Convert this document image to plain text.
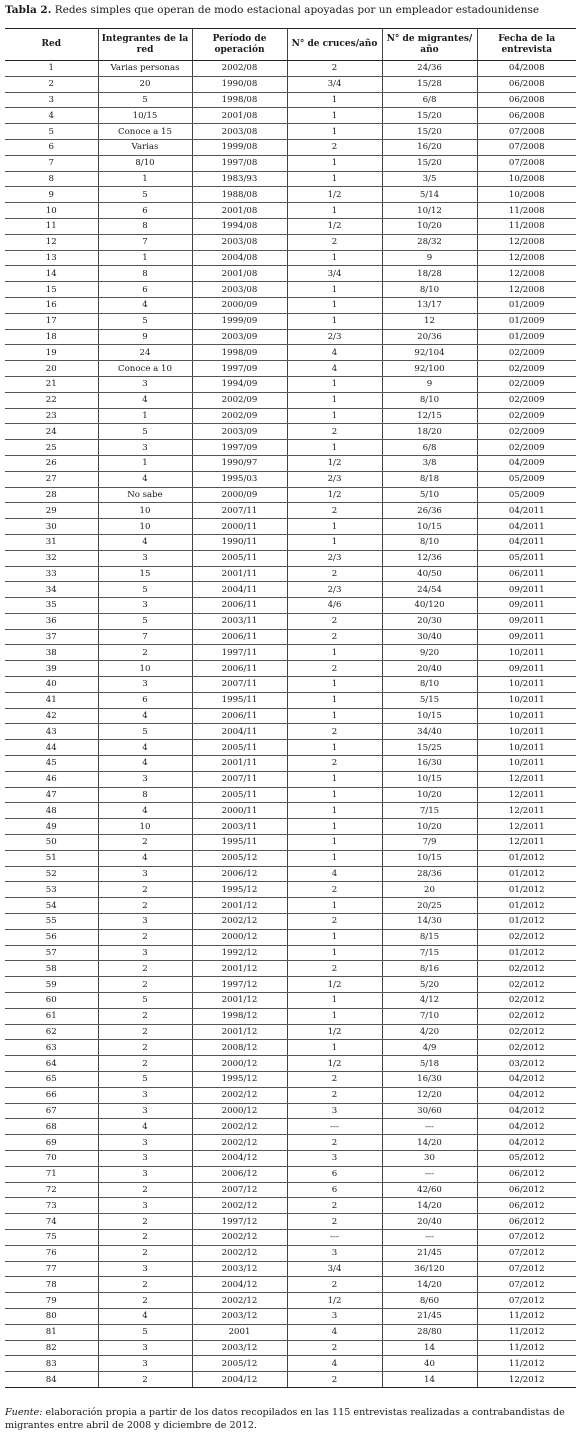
Tabla 2. Redes simples que operan de modo estacional apoyadas por un empleador estadounidense
Red	Integrantes de la red	Período de operación	N° de cruces/año	N° de migrantes/ año	Fecha de la entrevista
1	Varias personas	2002/08	2	24/36	04/2008
2	20	1990/08	3/4	15/28	06/2008
3	5	1998/08	1	6/8	06/2008
4	10/15	2001/08	1	15/20	06/2008
5	Conoce a 15	2003/08	1	15/20	07/2008
6	Varias	1999/08	2	16/20	07/2008
7	8/10	1997/08	1	15/20	07/2008
8	1	1983/93	1	3/5	10/2008
9	5	1988/08	1/2	5/14	10/2008
10	6	2001/08	1	10/12	11/2008
11	8	1994/08	1/2	10/20	11/2008
12	7	2003/08	2	28/32	12/2008
13	1	2004/08	1	9	12/2008
14	8	2001/08	3/4	18/28	12/2008
15	6	2003/08	1	8/10	12/2008
16	4	2000/09	1	13/17	01/2009
17	5	1999/09	1	12	01/2009
18	9	2003/09	2/3	20/36	01/2009
19	24	1998/09	4	92/104	02/2009
20	Conoce a 10	1997/09	4	92/100	02/2009
21	3	1994/09	1	9	02/2009
22	4	2002/09	1	8/10	02/2009
23	1	2002/09	1	12/15	02/2009
24	5	2003/09	2	18/20	02/2009
25	3	1997/09	1	6/8	02/2009
26	1	1990/97	1/2	3/8	04/2009
27	4	1995/03	2/3	8/18	05/2009
28	No sabe	2000/09	1/2	5/10	05/2009
29	10	2007/11	2	26/36	04/2011
30	10	2000/11	1	10/15	04/2011
31	4	1990/11	1	8/10	04/2011
32	3	2005/11	2/3	12/36	05/2011
33	15	2001/11	2	40/50	06/2011
34	5	2004/11	2/3	24/54	09/2011
35	3	2006/11	4/6	40/120	09/2011
36	5	2003/11	2	20/30	09/2011
37	7	2006/11	2	30/40	09/2011
38	2	1997/11	1	9/20	10/2011
39	10	2006/11	2	20/40	09/2011
40	3	2007/11	1	8/10	10/2011
41	6	1995/11	1	5/15	10/2011
42	4	2006/11	1	10/15	10/2011
43	5	2004/11	2	34/40	10/2011
44	4	2005/11	1	15/25	10/2011
45	4	2001/11	2	16/30	10/2011
46	3	2007/11	1	10/15	12/2011
47	8	2005/11	1	10/20	12/2011
48	4	2000/11	1	7/15	12/2011
49	10	2003/11	1	10/20	12/2011
50	2	1995/11	1	7/9	12/2011
51	4	2005/12	1	10/15	01/2012
52	3	2006/12	4	28/36	01/2012
53	2	1995/12	2	20	01/2012
54	2	2001/12	1	20/25	01/2012
55	3	2002/12	2	14/30	01/2012
56	2	2000/12	1	8/15	02/2012
57	3	1992/12	1	7/15	01/2012
58	2	2001/12	2	8/16	02/2012
59	2	1997/12	1/2	5/20	02/2012
60	5	2001/12	1	4/12	02/2012
61	2	1998/12	1	7/10	02/2012
62	2	2001/12	1/2	4/20	02/2012
63	2	2008/12	1	4/9	02/2012
64	2	2000/12	1/2	5/18	03/2012
65	5	1995/12	2	16/30	04/2012
66	3	2002/12	2	12/20	04/2012
67	3	2000/12	3	30/60	04/2012
68	4	2002/12	---	---	04/2012
69	3	2002/12	2	14/20	04/2012
70	3	2004/12	3	30	05/2012
71	3	2006/12	6	---	06/2012
72	2	2007/12	6	42/60	06/2012
73	3	2002/12	2	14/20	06/2012
74	2	1997/12	2	20/40	06/2012
75	2	2002/12	---	---	07/2012
76	2	2002/12	3	21/45	07/2012
77	3	2003/12	3/4	36/120	07/2012
78	2	2004/12	2	14/20	07/2012
79	2	2002/12	1/2	8/60	07/2012
80	4	2003/12	3	21/45	11/2012
81	5	2001	4	28/80	11/2012
82	3	2003/12	2	14	11/2012
83	3	2005/12	4	40	11/2012
84	2	2004/12	2	14	12/2012
Fuente: elaboración propia a partir de los datos recopilados en las 115 entrevistas realizadas a contrabandistas de migrantes entre abril de 2008 y diciembre de 2012.
